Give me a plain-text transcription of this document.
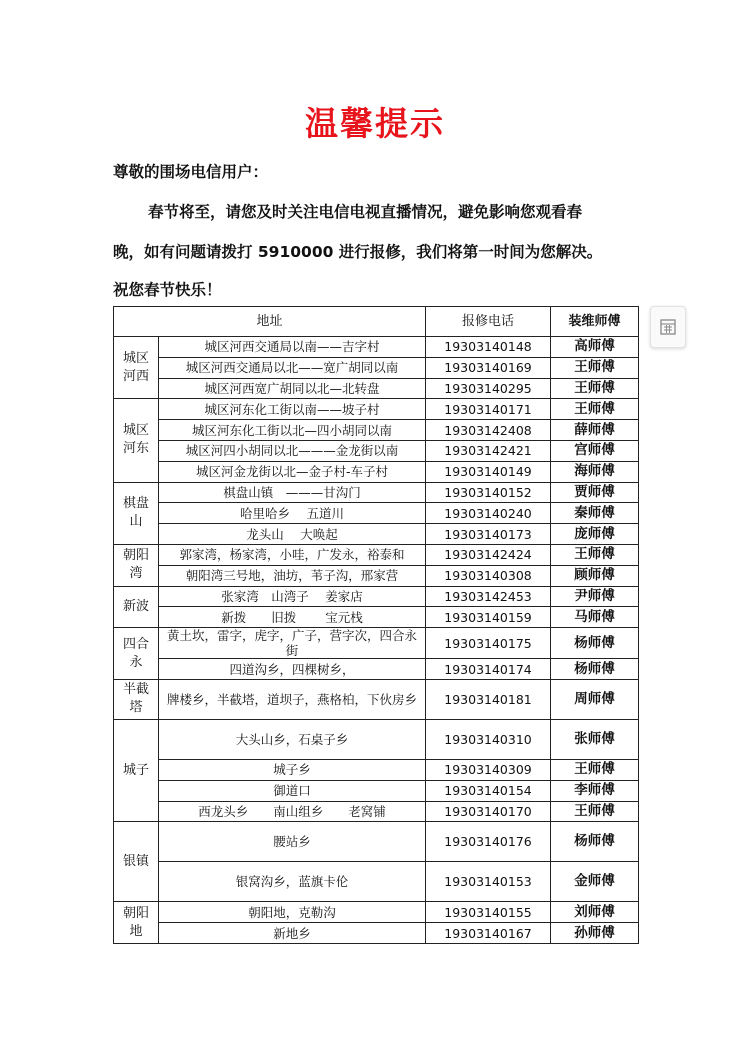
温馨提示
尊敬的围场电信用户：
春节将至，请您及时关注电信电视直播情况，避免影响您观看春
晚，如有问题请拨打 5910000 进行报修，我们将第一时间为您解决。
祝您春节快乐！
地址		报修电话	装维师傅

城区
河西	城区河西交通局以南——吉字村	19303140148	高师傅
	城区河西交通局以北——宽广胡同以南	19303140169	王师傅
	城区河西宽广胡同以北—北转盘	19303140295	王师傅

城区
河东	城区河东化工街以南——坡子村	19303140171	王师傅
	城区河东化工街以北—四小胡同以南	19303142408	薛师傅
	城区河四小胡同以北———金龙街以南	19303142421	宫师傅
	城区河金龙街以北—金子村-车子村	19303140149	海师傅

棋盘
山	棋盘山镇　———甘沟门	19303140152	贾师傅
	哈里哈乡　 五道川	19303140240	秦师傅
	龙头山　 大唤起	19303140173	庞师傅

朝阳
湾	郭家湾，杨家湾，小哇，广发永，裕泰和	19303142424	王师傅
	朝阳湾三号地，油坊，苇子沟，邢家营	19303140308	顾师傅

新波	张家湾　山湾子　 姜家店	19303142453	尹师傅
	新拨　　旧拨　　 宝元栈	19303140159	马师傅

四合
永	黄土坎，雷字，虎字，广子，营字次，四合永街	19303140175	杨师傅
	四道沟乡，四棵树乡，	19303140174	杨师傅

半截
塔	牌楼乡，半截塔，道坝子，燕格柏，下伙房乡	19303140181	周师傅

城子	大头山乡，石桌子乡	19303140310	张师傅
	城子乡	19303140309	王师傅
	御道口	19303140154	李师傅
	西龙头乡　　南山组乡　　老窝铺	19303140170	王师傅

银镇	腰站乡	19303140176	杨师傅
	银窝沟乡，蓝旗卡伦	19303140153	金师傅

朝阳
地	朝阳地，克勒沟	19303140155	刘师傅
	新地乡	19303140167	孙师傅
